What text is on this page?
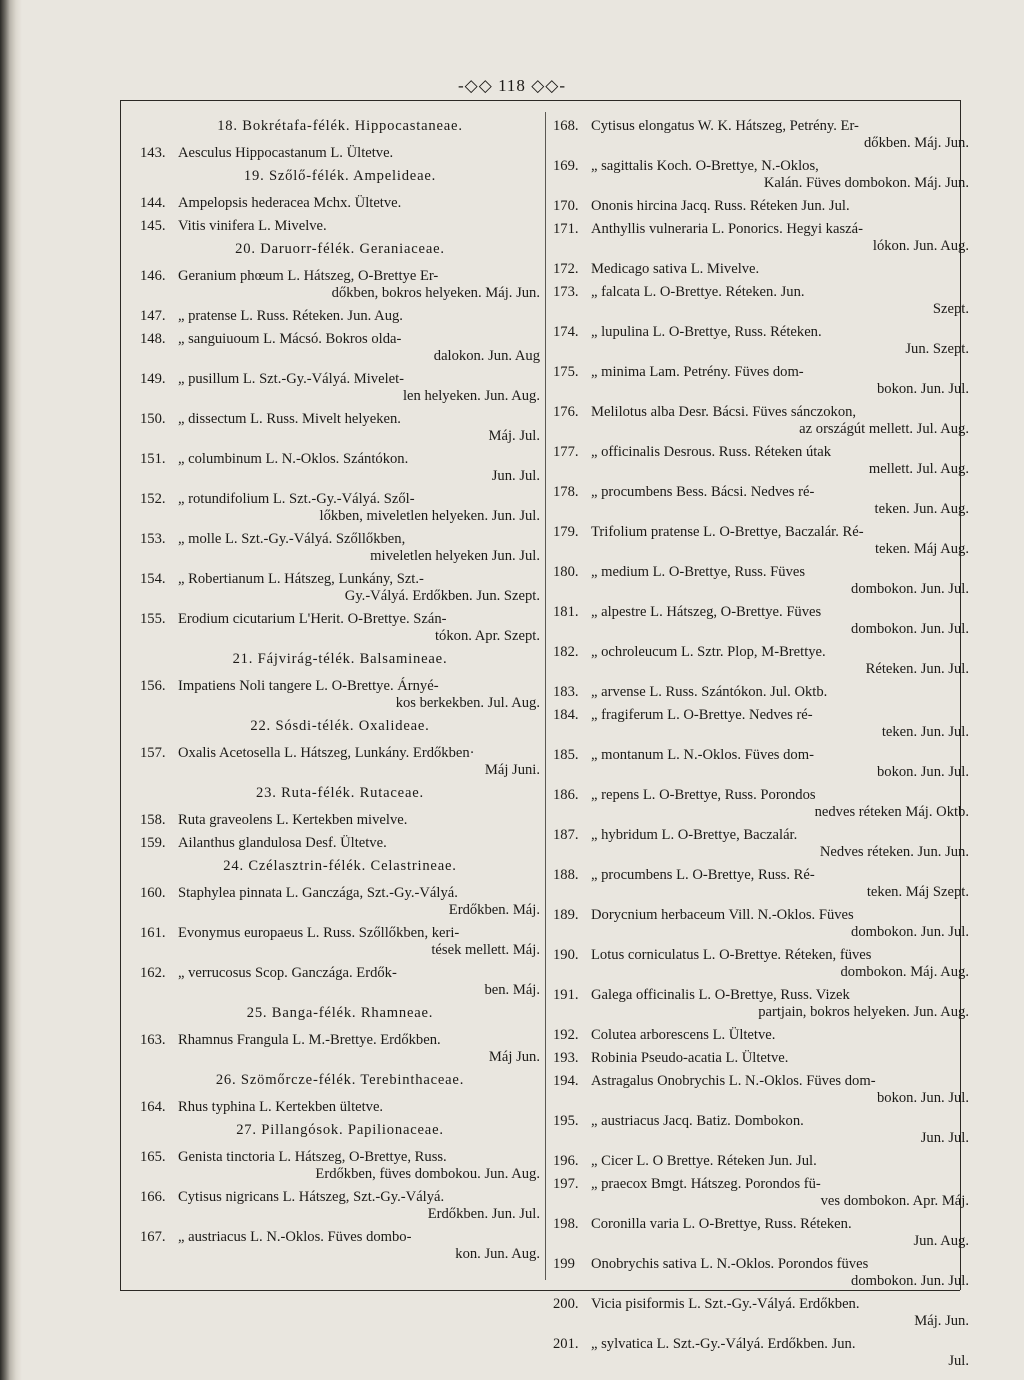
-◇◇ 118 ◇◇-
18. Bokrétafa-félék. Hippocastaneae.
143. Aesculus Hippocastanum L. Ültetve.
19. Szőlő-félék. Ampelideae.
144. Ampelopsis hederacea Mchx. Ültetve.
145. Vitis vinifera L. Mivelve.
20. Daruorr-félék. Geraniaceae.
146. Geranium phœum L. Hátszeg, O-Brettye Er-
dőkben, bokros helyeken. Máj. Jun.
147. „ pratense L. Russ. Réteken. Jun. Aug.
148. „ sanguiuoum L. Mácsó. Bokros olda-
dalokon. Jun. Aug
149. „ pusillum L. Szt.-Gy.-Vályá. Mivelet-
len helyeken. Jun. Aug.
150. „ dissectum L. Russ. Mivelt helyeken.
Máj. Jul.
151. „ columbinum L. N.-Oklos. Szántókon.
Jun. Jul.
152. „ rotundifolium L. Szt.-Gy.-Vályá. Szől-
lőkben, miveletlen helyeken. Jun. Jul.
153. „ molle L. Szt.-Gy.-Vályá. Szőllőkben,
miveletlen helyeken Jun. Jul.
154. „ Robertianum L. Hátszeg, Lunkány, Szt.-
Gy.-Vályá. Erdőkben. Jun. Szept.
155. Erodium cicutarium L'Herit. O-Brettye. Szán-
tókon. Apr. Szept.
21. Fájvirág-télék. Balsamineae.
156. Impatiens Noli tangere L. O-Brettye. Árnyé-
kos berkekben. Jul. Aug.
22. Sósdi-télék. Oxalideae.
157. Oxalis Acetosella L. Hátszeg, Lunkány. Erdőkben·
Máj Juni.
23. Ruta-félék. Rutaceae.
158. Ruta graveolens L. Kertekben mivelve.
159. Ailanthus glandulosa Desf. Ültetve.
24. Czélasztrin-félék. Celastrineae.
160. Staphylea pinnata L. Ganczága, Szt.-Gy.-Vályá.
Erdőkben. Máj.
161. Evonymus europaeus L. Russ. Szőllőkben, keri-
tések mellett. Máj.
162. „ verrucosus Scop. Ganczága. Erdők-
ben. Máj.
25. Banga-félék. Rhamneae.
163. Rhamnus Frangula L. M.-Brettye. Erdőkben.
Máj Jun.
26. Szömőrcze-félék. Terebinthaceae.
164. Rhus typhina L. Kertekben ültetve.
27. Pillangósok. Papilionaceae.
165. Genista tinctoria L. Hátszeg, O-Brettye, Russ.
Erdőkben, füves dombokou. Jun. Aug.
166. Cytisus nigricans L. Hátszeg, Szt.-Gy.-Vályá.
Erdőkben. Jun. Jul.
167. „ austriacus L. N.-Oklos. Füves dombo-
kon. Jun. Aug.
168. Cytisus elongatus W. K. Hátszeg, Petrény. Er-
dőkben. Máj. Jun.
169. „ sagittalis Koch. O-Brettye, N.-Oklos,
Kalán. Füves dombokon. Máj. Jun.
170. Ononis hircina Jacq. Russ. Réteken Jun. Jul.
171. Anthyllis vulneraria L. Ponorics. Hegyi kaszá-
lókon. Jun. Aug.
172. Medicago sativa L. Mivelve.
173. „ falcata L. O-Brettye. Réteken. Jun.
Szept.
174. „ lupulina L. O-Brettye, Russ. Réteken.
Jun. Szept.
175. „ minima Lam. Petrény. Füves dom-
bokon. Jun. Jul.
176. Melilotus alba Desr. Bácsi. Füves sánczokon,
az országút mellett. Jul. Aug.
177. „ officinalis Desrous. Russ. Réteken útak
mellett. Jul. Aug.
178. „ procumbens Bess. Bácsi. Nedves ré-
teken. Jun. Aug.
179. Trifolium pratense L. O-Brettye, Baczalár. Ré-
teken. Máj Aug.
180. „ medium L. O-Brettye, Russ. Füves
dombokon. Jun. Jul.
181. „ alpestre L. Hátszeg, O-Brettye. Füves
dombokon. Jun. Jul.
182. „ ochroleucum L. Sztr. Plop, M-Brettye.
Réteken. Jun. Jul.
183. „ arvense L. Russ. Szántókon. Jul. Oktb.
184. „ fragiferum L. O-Brettye. Nedves ré-
teken. Jun. Jul.
185. „ montanum L. N.-Oklos. Füves dom-
bokon. Jun. Jul.
186. „ repens L. O-Brettye, Russ. Porondos
nedves réteken Máj. Oktb.
187. „ hybridum L. O-Brettye, Baczalár.
Nedves réteken. Jun. Jun.
188. „ procumbens L. O-Brettye, Russ. Ré-
teken. Máj Szept.
189. Dorycnium herbaceum Vill. N.-Oklos. Füves
dombokon. Jun. Jul.
190. Lotus corniculatus L. O-Brettye. Réteken, füves
dombokon. Máj. Aug.
191. Galega officinalis L. O-Brettye, Russ. Vizek
partjain, bokros helyeken. Jun. Aug.
192. Colutea arborescens L. Ültetve.
193. Robinia Pseudo-acatia L. Ültetve.
194. Astragalus Onobrychis L. N.-Oklos. Füves dom-
bokon. Jun. Jul.
195. „ austriacus Jacq. Batiz. Dombokon.
Jun. Jul.
196. „ Cicer L. O Brettye. Réteken Jun. Jul.
197. „ praecox Bmgt. Hátszeg. Porondos fü-
ves dombokon. Apr. Máj.
198. Coronilla varia L. O-Brettye, Russ. Réteken.
Jun. Aug.
199	Onobrychis sativa L. N.-Oklos. Porondos füves
dombokon. Jun. Jul.
200. Vicia pisiformis L. Szt.-Gy.-Vályá. Erdőkben.
Máj. Jun.
201. „ sylvatica L. Szt.-Gy.-Vályá. Erdőkben. Jun.
Jul.
